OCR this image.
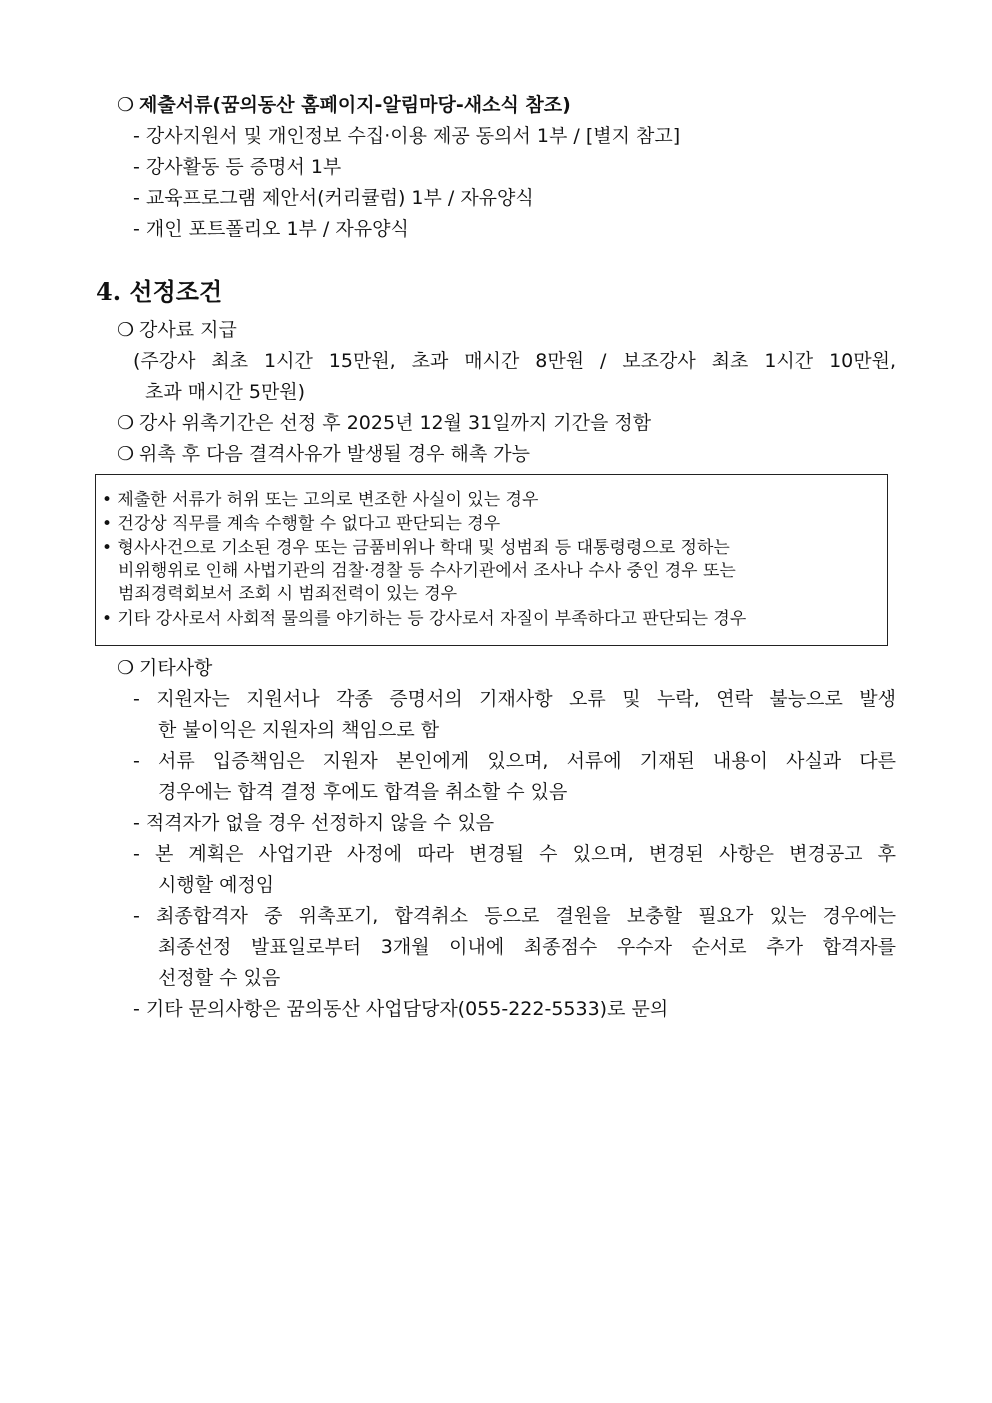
❍ 제출서류(꿈의동산 홈페이지-알림마당-새소식 참조)
- 강사지원서 및 개인정보 수집·이용 제공 동의서 1부 / [별지 참고]
- 강사활동 등 증명서 1부
- 교육프로그램 제안서(커리큘럼) 1부 / 자유양식
- 개인 포트폴리오 1부 / 자유양식
4. 선정조건
❍ 강사료 지급
(주강사 최초 1시간 15만원, 초과 매시간 8만원 / 보조강사 최초 1시간 10만원,
초과 매시간 5만원)
❍ 강사 위촉기간은 선정 후 2025년 12월 31일까지 기간을 정함
❍ 위촉 후 다음 결격사유가 발생될 경우 해촉 가능
• 제출한 서류가 허위 또는 고의로 변조한 사실이 있는 경우
• 건강상 직무를 계속 수행할 수 없다고 판단되는 경우
• 형사사건으로 기소된 경우 또는 금품비위나 학대 및 성범죄 등 대통령령으로 정하는
비위행위로 인해 사법기관의 검찰·경찰 등 수사기관에서 조사나 수사 중인 경우 또는
범죄경력회보서 조회 시 범죄전력이 있는 경우
• 기타 강사로서 사회적 물의를 야기하는 등 강사로서 자질이 부족하다고 판단되는 경우
❍ 기타사항
- 지원자는 지원서나 각종 증명서의 기재사항 오류 및 누락, 연락 불능으로 발생
한 불이익은 지원자의 책임으로 함
- 서류 입증책임은 지원자 본인에게 있으며, 서류에 기재된 내용이 사실과 다른
경우에는 합격 결정 후에도 합격을 취소할 수 있음
- 적격자가 없을 경우 선정하지 않을 수 있음
- 본 계획은 사업기관 사정에 따라 변경될 수 있으며, 변경된 사항은 변경공고 후
시행할 예정임
- 최종합격자 중 위촉포기, 합격취소 등으로 결원을 보충할 필요가 있는 경우에는
최종선정 발표일로부터 3개월 이내에 최종점수 우수자 순서로 추가 합격자를
선정할 수 있음
- 기타 문의사항은 꿈의동산 사업담당자(055-222-5533)로 문의
